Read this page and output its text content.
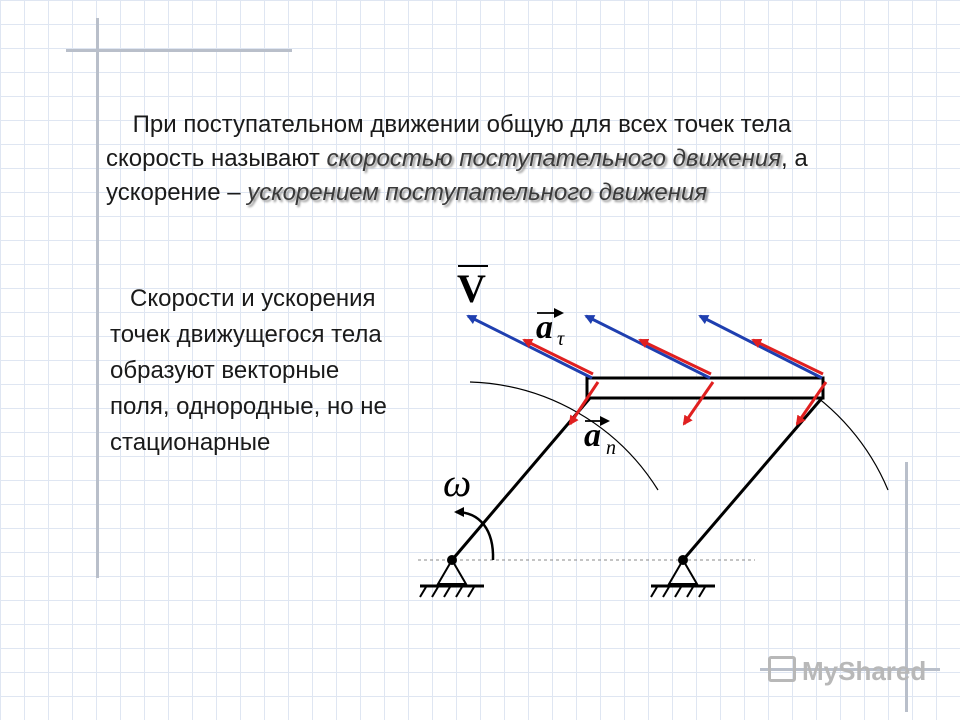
При поступательном движении общую для всех точек тела скорость называют скоростью поступательного движения, а ускорение – ускорением поступательного движения
Скорости и ускорения точек движущегося тела образуют векторные поля, однородные, но не стационарные
V
a τ
a n
ω
MyShared
